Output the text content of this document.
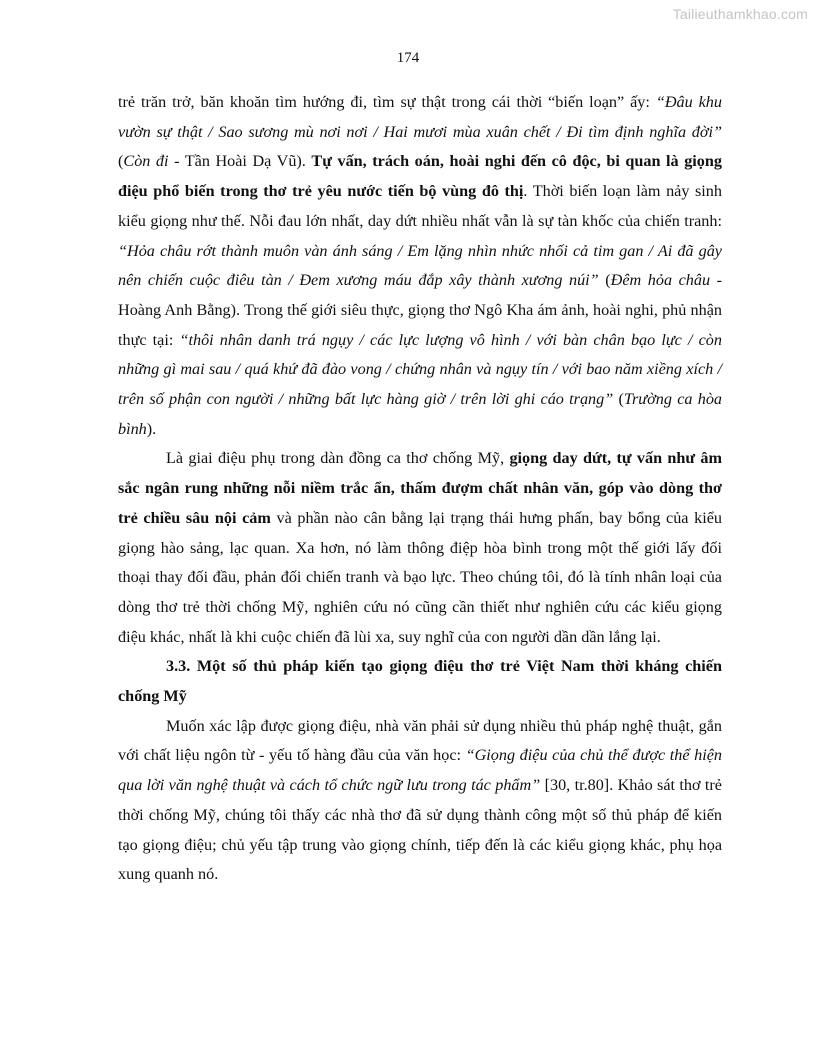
Tailieuthamkhao.com
174

trẻ trăn trở, băn khoăn tìm hướng đi, tìm sự thật trong cái thời “biến loạn” ấy: “Đâu khu vườn sự thật / Sao sương mù nơi nơi / Hai mươi mùa xuân chết / Đi tìm định nghĩa đời” (Còn đi - Tần Hoài Dạ Vũ). Tự vấn, trách oán, hoài nghi đến cô độc, bi quan là giọng điệu phổ biến trong thơ trẻ yêu nước tiến bộ vùng đô thị. Thời biến loạn làm nảy sinh kiểu giọng như thế. Nỗi đau lớn nhất, day dứt nhiều nhất vẫn là sự tàn khốc của chiến tranh: “Hỏa châu rớt thành muôn vàn ánh sáng / Em lặng nhìn nhức nhối cả tim gan / Ai đã gây nên chiến cuộc điêu tàn / Đem xương máu đắp xây thành xương núi” (Đêm hỏa châu - Hoàng Anh Bằng). Trong thế giới siêu thực, giọng thơ Ngô Kha ám ảnh, hoài nghi, phủ nhận thực tại: “thôi nhân danh trá ngụy / các lực lượng vô hình / với bàn chân bạo lực / còn những gì mai sau / quá khứ đã đào vong / chứng nhân và ngụy tín / với bao năm xiềng xích / trên số phận con người / những bất lực hàng giờ / trên lời ghi cáo trạng” (Trường ca hòa bình).

Là giai điệu phụ trong dàn đồng ca thơ chống Mỹ, giọng day dứt, tự vấn như âm sắc ngân rung những nỗi niềm trắc ẩn, thấm đượm chất nhân văn, góp vào dòng thơ trẻ chiều sâu nội cảm và phần nào cân bằng lại trạng thái hưng phấn, bay bổng của kiểu giọng hào sảng, lạc quan. Xa hơn, nó làm thông điệp hòa bình trong một thế giới lấy đối thoại thay đối đầu, phản đối chiến tranh và bạo lực. Theo chúng tôi, đó là tính nhân loại của dòng thơ trẻ thời chống Mỹ, nghiên cứu nó cũng cần thiết như nghiên cứu các kiểu giọng điệu khác, nhất là khi cuộc chiến đã lùi xa, suy nghĩ của con người dần dần lắng lại.

3.3. Một số thủ pháp kiến tạo giọng điệu thơ trẻ Việt Nam thời kháng chiến chống Mỹ

Muốn xác lập được giọng điệu, nhà văn phải sử dụng nhiều thủ pháp nghệ thuật, gắn với chất liệu ngôn từ - yếu tố hàng đầu của văn học: “Giọng điệu của chủ thể được thể hiện qua lời văn nghệ thuật và cách tổ chức ngữ lưu trong tác phẩm” [30, tr.80]. Khảo sát thơ trẻ thời chống Mỹ, chúng tôi thấy các nhà thơ đã sử dụng thành công một số thủ pháp để kiến tạo giọng điệu; chủ yếu tập trung vào giọng chính, tiếp đến là các kiểu giọng khác, phụ họa xung quanh nó.
